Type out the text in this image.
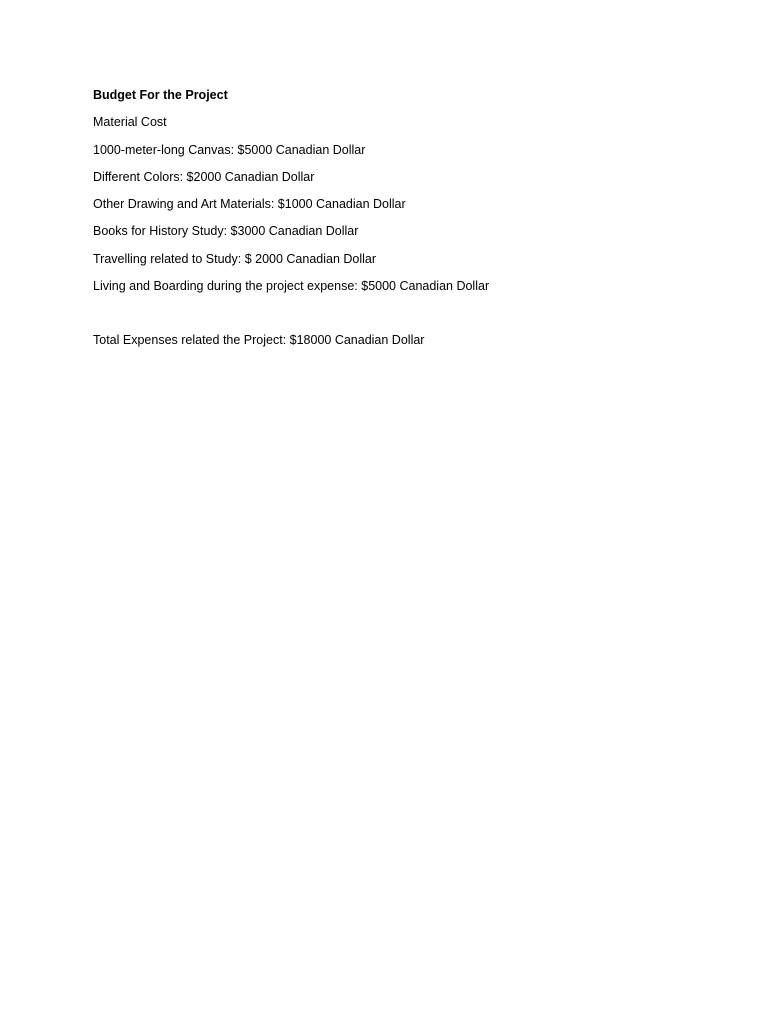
Budget For the Project

Material Cost

1000-meter-long Canvas: $5000 Canadian Dollar

Different Colors: $2000 Canadian Dollar

Other Drawing and Art Materials: $1000 Canadian Dollar

Books for History Study: $3000 Canadian Dollar

Travelling related to Study: $ 2000 Canadian Dollar

Living and Boarding during the project expense: $5000 Canadian Dollar

Total Expenses related the Project: $18000 Canadian Dollar
